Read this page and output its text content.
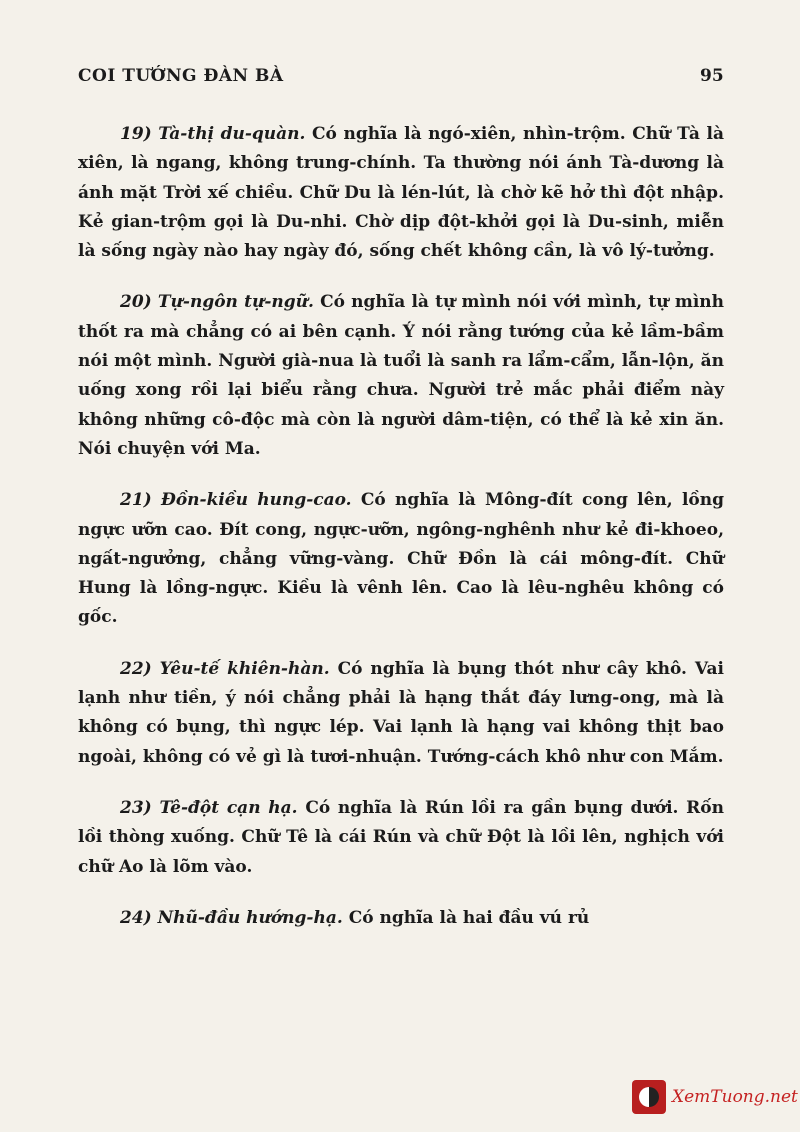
COI TƯỚNG ĐÀN BÀ	95

19) Tà-thị du-quàn. Có nghĩa là ngó-xiên, nhìn-trộm. Chữ Tà là xiên, là ngang, không trung-chính. Ta thường nói ánh Tà-dương là ánh mặt Trời xế chiều. Chữ Du là lén-lút, là chờ kẽ hở thì đột nhập. Kẻ gian-trộm gọi là Du-nhi. Chờ dịp đột-khởi gọi là Du-sinh, miễn là sống ngày nào hay ngày đó, sống chết không cần, là vô lý-tưởng.

20) Tự-ngôn tự-ngữ. Có nghĩa là tự mình nói với mình, tự mình thốt ra mà chẳng có ai bên cạnh. Ý nói rằng tướng của kẻ lầm-bầm nói một mình. Người già-nua là tuổi là sanh ra lẩm-cẩm, lẫn-lộn, ăn uống xong rồi lại biểu rằng chưa. Người trẻ mắc phải điểm này không những cô-độc mà còn là người dâm-tiện, có thể là kẻ xin ăn. Nói chuyện với Ma.

21) Đồn-kiều hung-cao. Có nghĩa là Mông-đít cong lên, lồng ngực ưỡn cao. Đít cong, ngực-ưỡn, ngông-nghênh như kẻ đi-khoeo, ngất-ngưởng, chẳng vững-vàng. Chữ Đồn là cái mông-đít. Chữ Hung là lồng-ngực. Kiều là vênh lên. Cao là lêu-nghêu không có gốc.

22) Yêu-tế khiên-hàn. Có nghĩa là bụng thót như cây khô. Vai lạnh như tiền, ý nói chẳng phải là hạng thắt đáy lưng-ong, mà là không có bụng, thì ngực lép. Vai lạnh là hạng vai không thịt bao ngoài, không có vẻ gì là tươi-nhuận. Tướng-cách khô như con Mắm.

23) Tê-đột cạn hạ. Có nghĩa là Rún lồi ra gần bụng dưới. Rốn lồi thòng xuống. Chữ Tê là cái Rún và chữ Đột là lồi lên, nghịch với chữ Ao là lõm vào.

24) Nhũ-đầu hướng-hạ. Có nghĩa là hai đầu vú rủ

XemTuong.net
